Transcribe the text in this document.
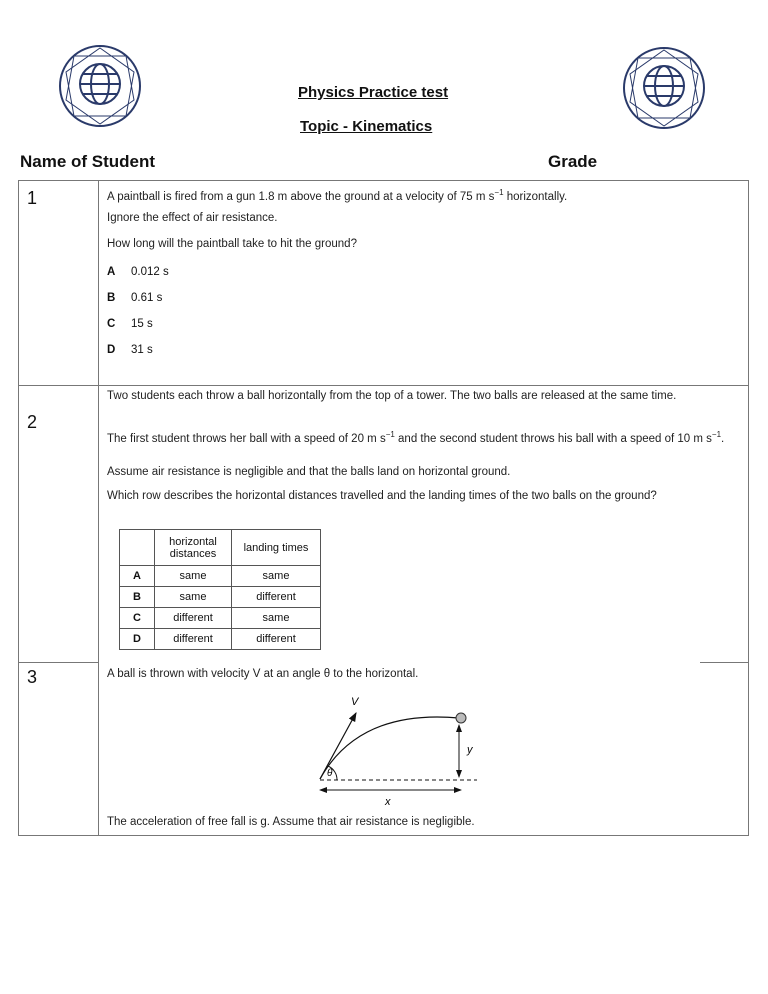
Physics Practice test
Topic - Kinematics
Name of Student	Grade
1	A paintball is fired from a gun 1.8 m above the ground at a velocity of 75 m $s^{-1}$ horizontally.
Ignore the effect of air resistance.
How long will the paintball take to hit the ground?
A 0.012 s
B 0.61 s
C 15 s
D 31 s
2
Two students each throw a ball horizontally from the top of a tower. The two balls are released at the same time.
The first student throws her ball with a speed of 20 m $s^{-1}$ and the second student throws his ball with a speed of 10 m $s^{-1}$.
Assume air resistance is negligible and that the balls land on horizontal ground.
Which row describes the horizontal distances travelled and the landing times of the two balls on the ground?
	horizontal distances	landing times
A	same	same
B	same	different
C	different	same
D	different	different
3	A ball is thrown with velocity V at an angle θ to the horizontal.
V
θ
y
x
The acceleration of free fall is g. Assume that air resistance is negligible.
